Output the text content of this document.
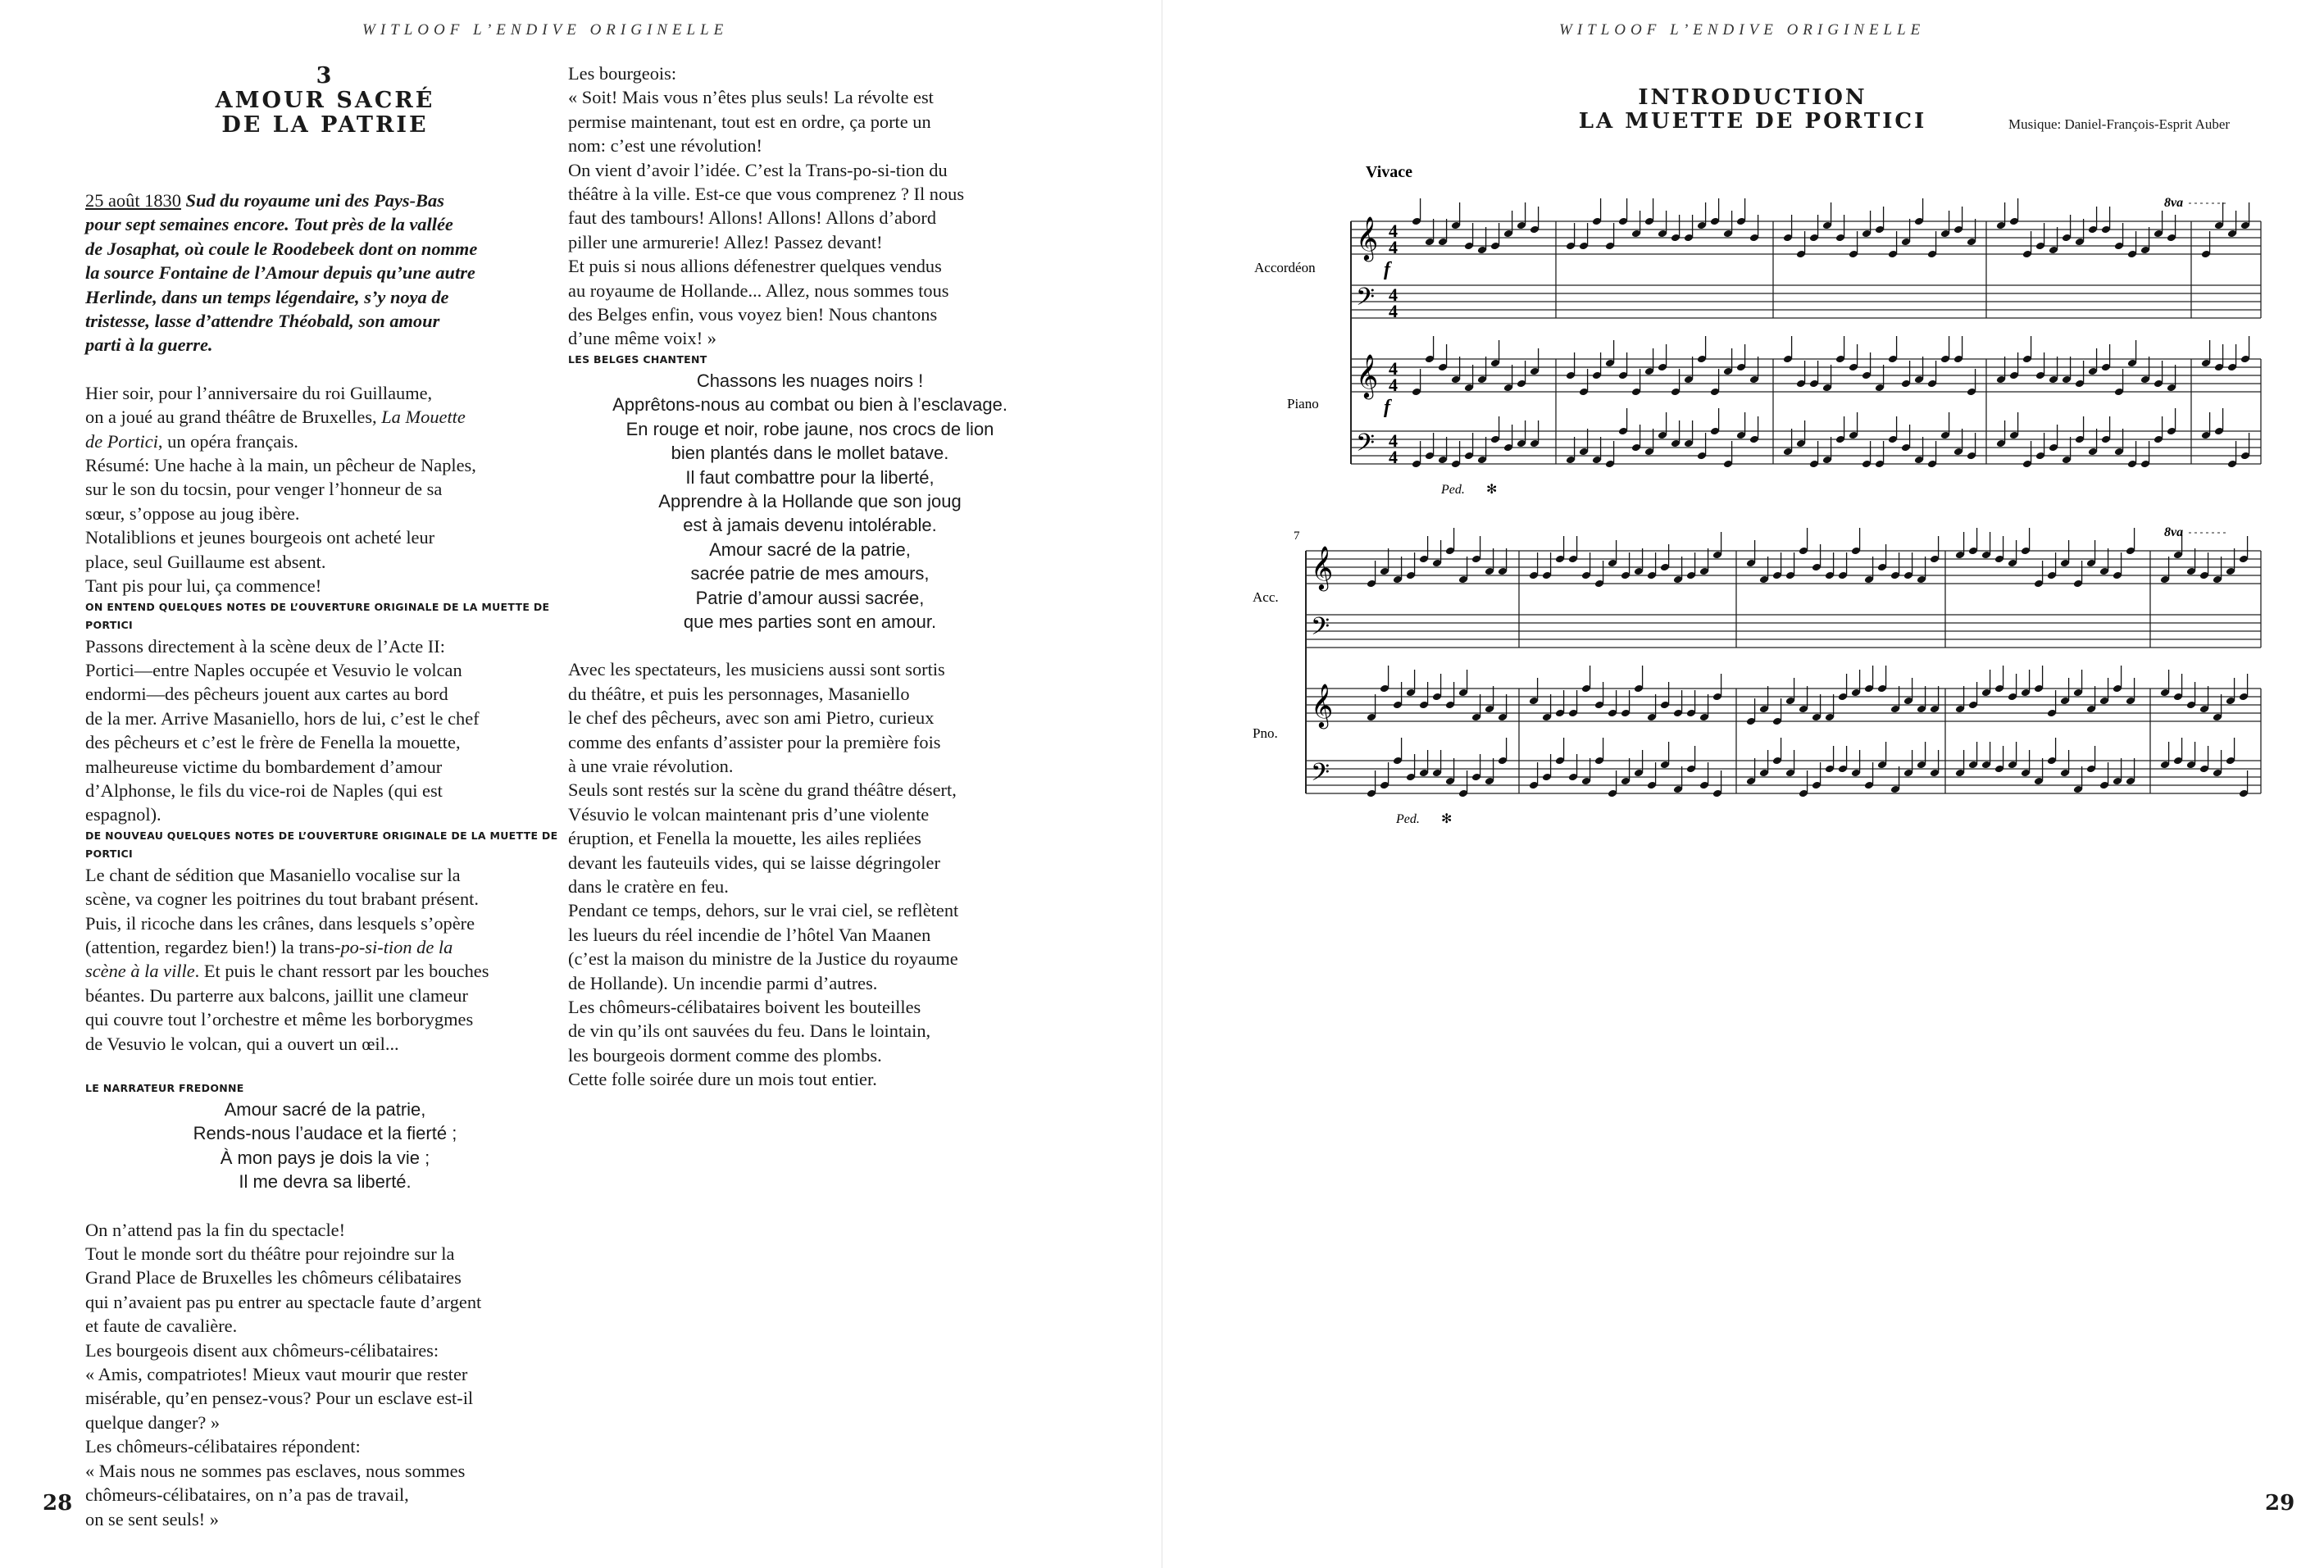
WITLOOF L’ENDIVE ORIGINELLE
3
AMOUR SACRÉ
DE LA PATRIE
25 août 1830 Sud du royaume uni des Pays-Bas
pour sept semaines encore. Tout près de la vallée
de Josaphat, où coule le Roodebeek dont on nomme
la source Fontaine de l’Amour depuis qu’une autre
Herlinde, dans un temps légendaire, s’y noya de
tristesse, lasse d’attendre Théobald, son amour
parti à la guerre.
Hier soir, pour l’anniversaire du roi Guillaume,
on a joué au grand théâtre de Bruxelles, La Mouette
de Portici, un opéra français.
Résumé: Une hache à la main, un pêcheur de Naples,
sur le son du tocsin, pour venger l’honneur de sa
sœur, s’oppose au joug ibère.
Notaliblions et jeunes bourgeois ont acheté leur
place, seul Guillaume est absent.
Tant pis pour lui, ça commence!
ON ENTEND QUELQUES NOTES DE L’OUVERTURE ORIGINALE DE LA MUETTE DE PORTICI
Passons directement à la scène deux de l’Acte II:
Portici—entre Naples occupée et Vesuvio le volcan
endormi—des pêcheurs jouent aux cartes au bord
de la mer. Arrive Masaniello, hors de lui, c’est le chef
des pêcheurs et c’est le frère de Fenella la mouette,
malheureuse victime du bombardement d’amour
d’Alphonse, le fils du vice-roi de Naples (qui est
espagnol).
DE NOUVEAU QUELQUES NOTES DE L’OUVERTURE ORIGINALE DE LA MUETTE DE PORTICI
Le chant de sédition que Masaniello vocalise sur la
scène, va cogner les poitrines du tout brabant présent.
Puis, il ricoche dans les crânes, dans lesquels s’opère
(attention, regardez bien!) la trans-po-si-tion de la
scène à la ville. Et puis le chant ressort par les bouches
béantes. Du parterre aux balcons, jaillit une clameur
qui couvre tout l’orchestre et même les borborygmes
de Vesuvio le volcan, qui a ouvert un œil...
LE NARRATEUR FREDONNE
Amour sacré de la patrie,
Rends-nous l’audace et la fierté ;
À mon pays je dois la vie ;
Il me devra sa liberté.
On n’attend pas la fin du spectacle!
Tout le monde sort du théâtre pour rejoindre sur la
Grand Place de Bruxelles les chômeurs célibataires
qui n’avaient pas pu entrer au spectacle faute d’argent
et faute de cavalière.
Les bourgeois disent aux chômeurs-célibataires:
« Amis, compatriotes! Mieux vaut mourir que rester
misérable, qu’en pensez-vous? Pour un esclave est-il
quelque danger? »
Les chômeurs-célibataires répondent:
« Mais nous ne sommes pas esclaves, nous sommes
chômeurs-célibataires, on n’a pas de travail,
on se sent seuls! »
Les bourgeois:
« Soit! Mais vous n’êtes plus seuls! La révolte est
permise maintenant, tout est en ordre, ça porte un
nom: c’est une révolution!
On vient d’avoir l’idée. C’est la Trans-po-si-tion du
théâtre à la ville. Est-ce que vous comprenez ? Il nous
faut des tambours! Allons! Allons! Allons d’abord
piller une armurerie! Allez! Passez devant!
Et puis si nous allions défenestrer quelques vendus
au royaume de Hollande... Allez, nous sommes tous
des Belges enfin, vous voyez bien! Nous chantons
d’une même voix! »
LES BELGES CHANTENT
Chassons les nuages noirs !
Apprêtons-nous au combat ou bien à l’esclavage.
En rouge et noir, robe jaune, nos crocs de lion
bien plantés dans le mollet batave.
Il faut combattre pour la liberté,
Apprendre à la Hollande que son joug
est à jamais devenu intolérable.
Amour sacré de la patrie,
sacrée patrie de mes amours,
Patrie d’amour aussi sacrée,
que mes parties sont en amour.
Avec les spectateurs, les musiciens aussi sont sortis
du théâtre, et puis les personnages, Masaniello
le chef des pêcheurs, avec son ami Pietro, curieux
comme des enfants d’assister pour la première fois
à une vraie révolution.
Seuls sont restés sur la scène du grand théâtre désert,
Vésuvio le volcan maintenant pris d’une violente
éruption, et Fenella la mouette, les ailes repliées
devant les fauteuils vides, qui se laisse dégringoler
dans le cratère en feu.
Pendant ce temps, dehors, sur le vrai ciel, se reflètent
les lueurs du réel incendie de l’hôtel Van Maanen
(c’est la maison du ministre de la Justice du royaume
de Hollande). Un incendie parmi d’autres.
Les chômeurs-célibataires boivent les bouteilles
de vin qu’ils ont sauvées du feu. Dans le lointain,
les bourgeois dorment comme des plombs.
Cette folle soirée dure un mois tout entier.
28
WITLOOF L’ENDIVE ORIGINELLE
INTRODUCTION
LA MUETTE DE PORTICI	Musique: Daniel-François-Esprit Auber
Vivace
𝄞
𝄞
𝄢
𝄢
4
4
4
4
4
4
4
4
f
f
Accordéon
Piano
8va
Ped. ✻
7
𝄞
𝄞
𝄢
𝄢
Acc.
Pno.
8va
Ped. ✻
29
